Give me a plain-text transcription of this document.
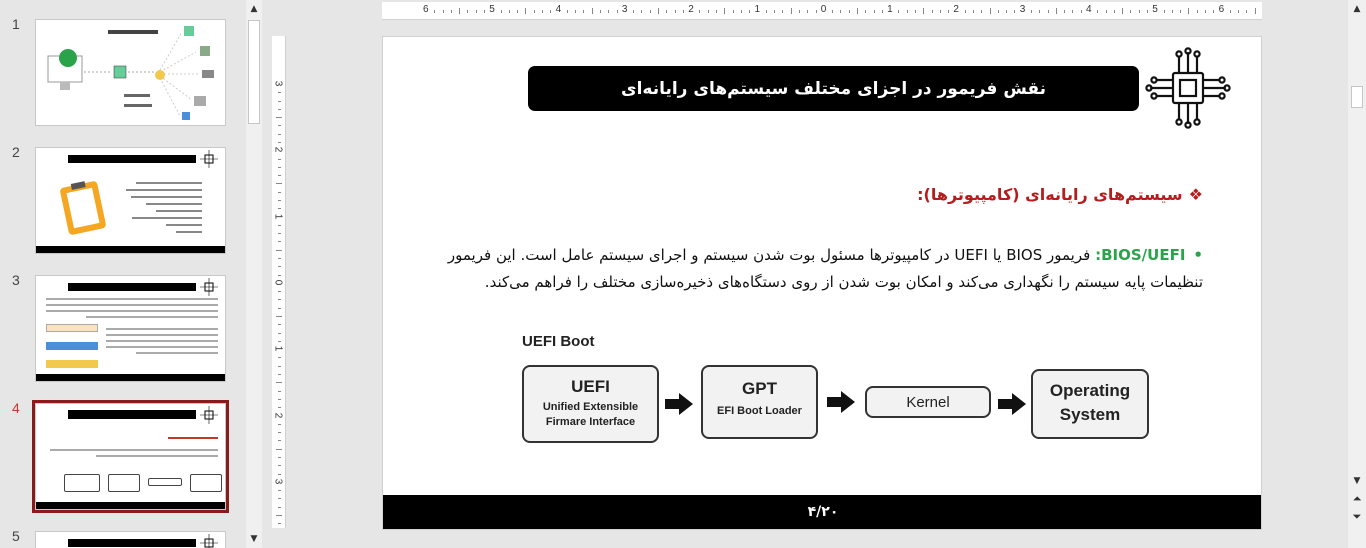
1
2
3
4
5
▲
▼
6	5	4	3	2	1	0	1	2	3	4	5	6
3
2
1
0
1
2
3
نقش فریمور در اجزای مختلف سیستم‌های رایانه‌ای
❖سیستم‌های رایانه‌ای (کامپیوترها):
•BIOS/UEFI: فریمور BIOS یا UEFI در کامپیوترها مسئول بوت شدن سیستم و اجرای سیستم عامل است. این فریمور تنظیمات پایه سیستم را نگهداری می‌کند و امکان بوت شدن از روی دستگاه‌های ذخیره‌سازی مختلف را فراهم می‌کند.
UEFI Boot
UEFI
Unified Extensible Firmare Interface
GPT
EFI Boot Loader	Kernel
Operating System
۴/۲۰
▲
▼
⏶
⏷
